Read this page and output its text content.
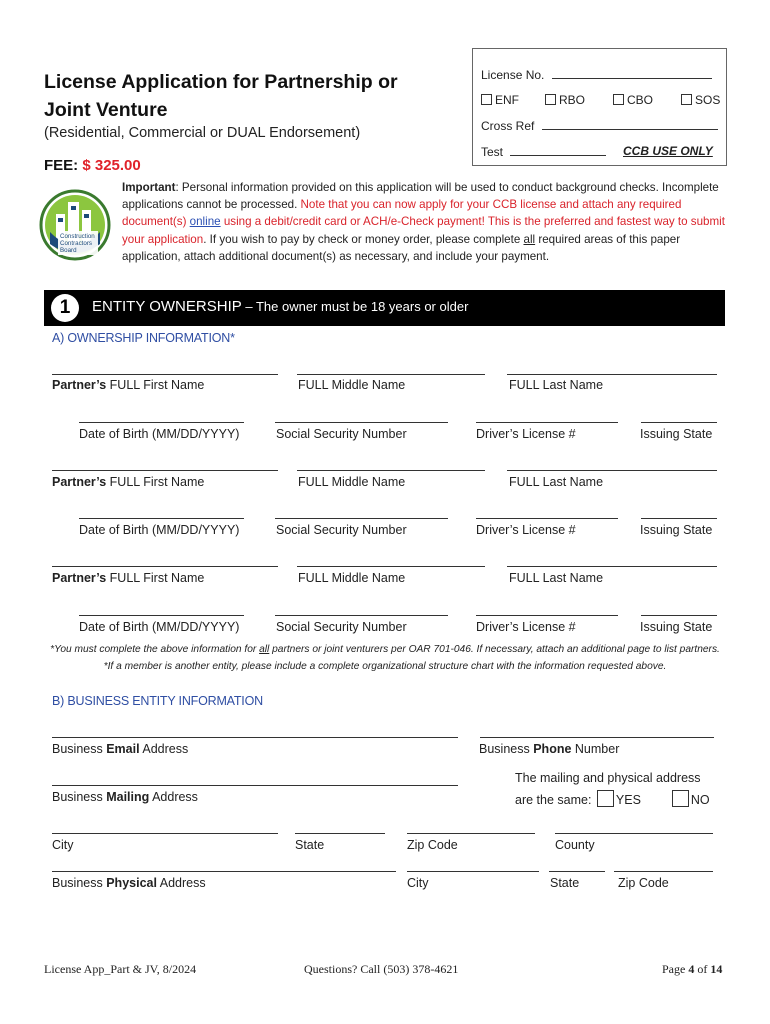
License Application for Partnership or Joint Venture
(Residential, Commercial or DUAL Endorsement)
FEE: $ 325.00
License No.
ENF	RBO	CBO	SOS
Cross Ref
Test	CCB USE ONLY
Construction
Contractors
Board
Important: Personal information provided on this application will be used to conduct background checks. Incomplete applications cannot be processed. Note that you can now apply for your CCB license and attach any required document(s) online using a debit/credit card or ACH/e-Check payment! This is the preferred and fastest way to submit your application. If you wish to pay by check or money order, please complete all required areas of this paper application, attach additional document(s) as necessary, and include your payment.
1	ENTITY OWNERSHIP – The owner must be 18 years or older
A) OWNERSHIP INFORMATION*
Partner’s FULL First Name	FULL Middle Name	FULL Last Name
Date of Birth (MM/DD/YYYY)	Social Security Number	Driver’s License #	Issuing State
Partner’s FULL First Name	FULL Middle Name	FULL Last Name
Date of Birth (MM/DD/YYYY)	Social Security Number	Driver’s License #	Issuing State
Partner’s FULL First Name	FULL Middle Name	FULL Last Name
Date of Birth (MM/DD/YYYY)	Social Security Number	Driver’s License #	Issuing State
*You must complete the above information for all partners or joint venturers per OAR 701-046. If necessary, attach an additional page to list partners. *If a member is another entity, please include a complete organizational structure chart with the information requested above.
B) BUSINESS ENTITY INFORMATION
Business Email Address	Business Phone Number
Business Mailing Address
The mailing and physical address
are the same: YES	NO
City	State	Zip Code	County
Business Physical Address	City	State	Zip Code
License App_Part & JV, 8/2024	Questions? Call (503) 378-4621	Page 4 of 14
